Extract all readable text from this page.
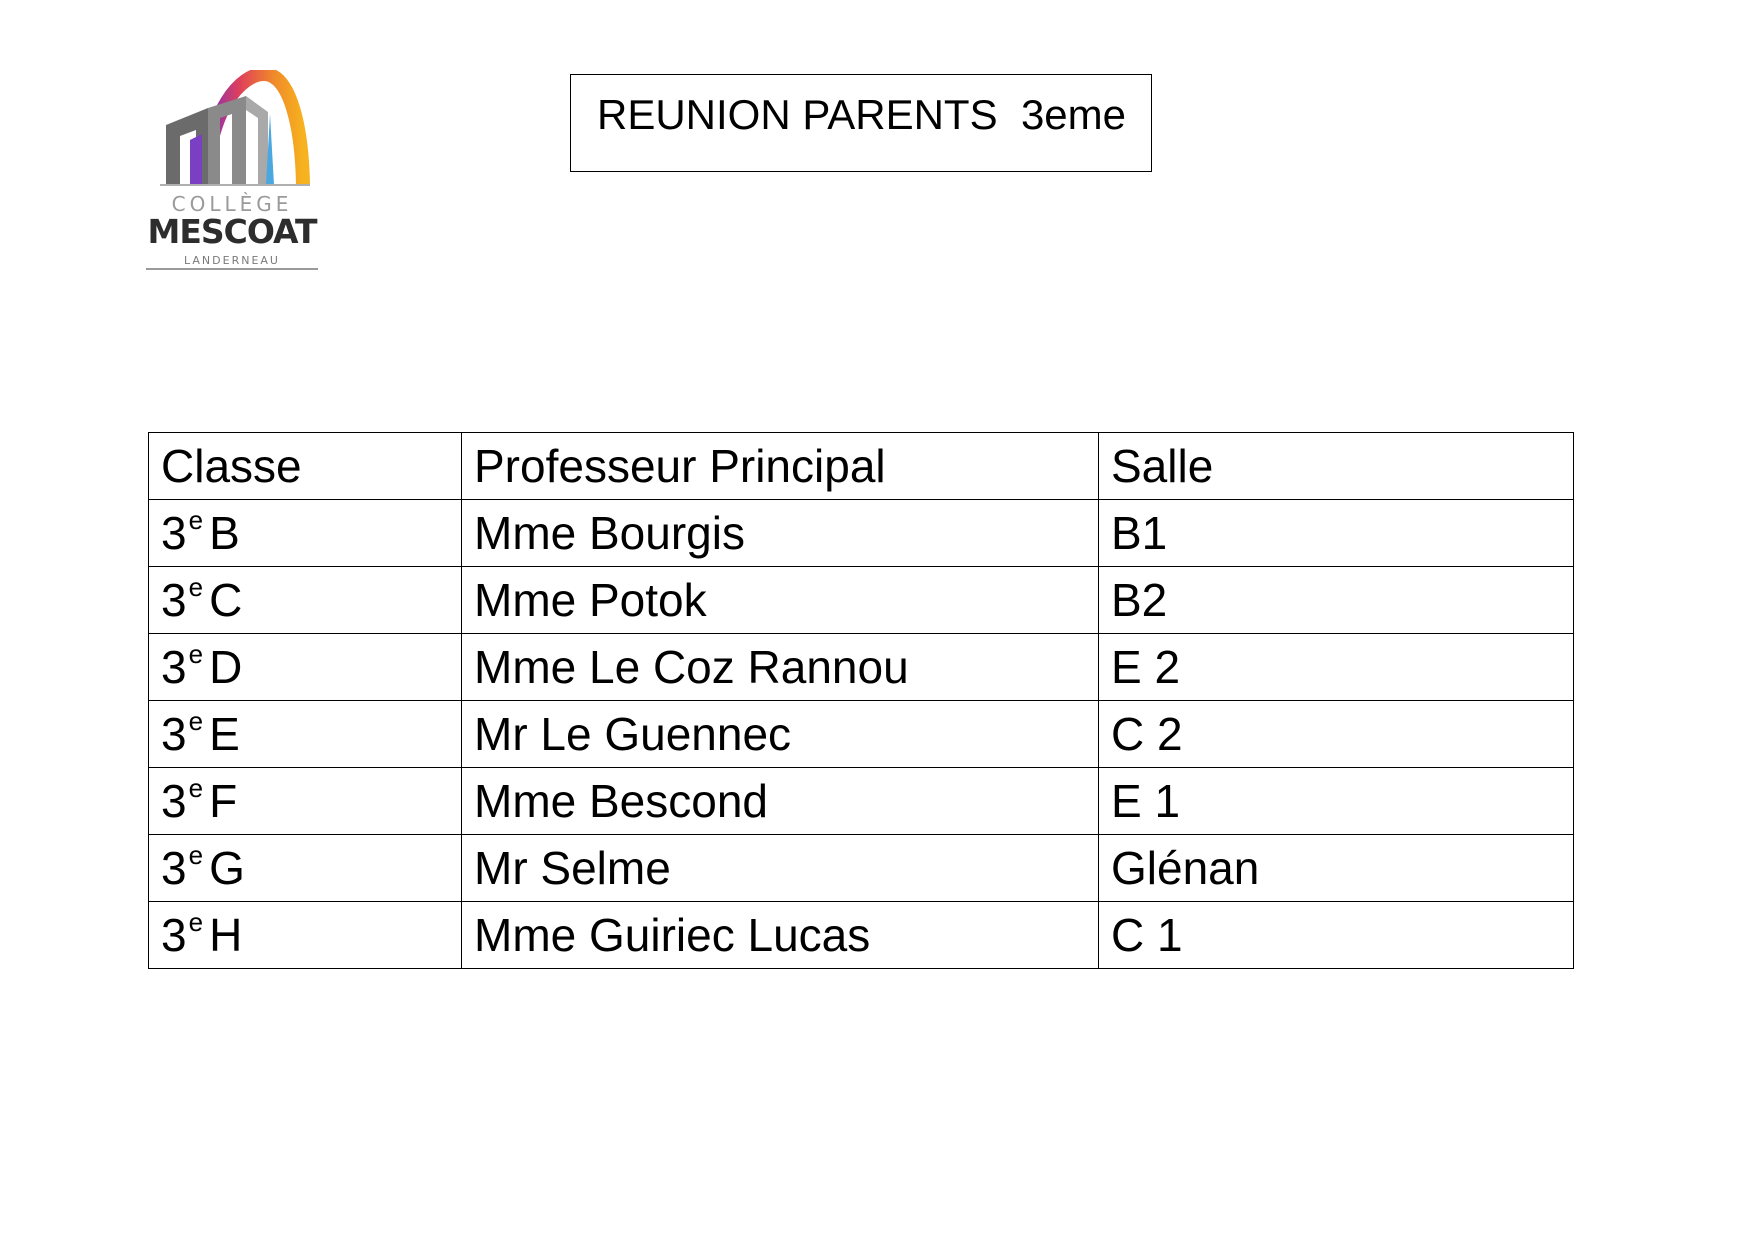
COLLÈGE
MESCOAT
LANDERNEAU
REUNION PARENTS  3eme
Classe	Professeur Principal	Salle
3e B	Mme Bourgis	B1
3e C	Mme Potok	B2
3e D	Mme Le Coz Rannou	E 2
3e E	Mr Le Guennec	C 2
3e F	Mme Bescond	E 1
3e G	Mr Selme	Glénan
3e H	Mme Guiriec Lucas	C 1
